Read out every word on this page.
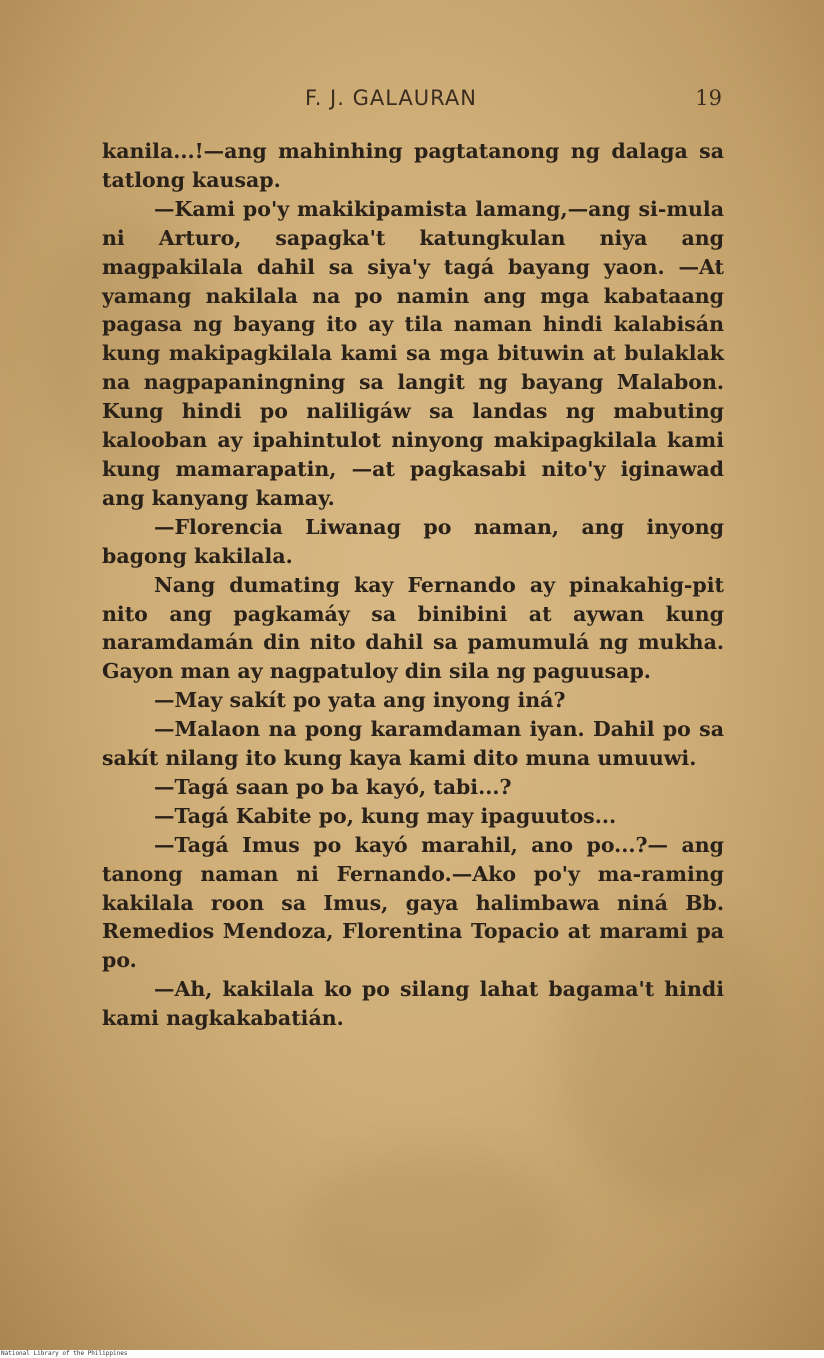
F. J. GALAURAN	19

kanila...!—ang mahinhing pagtatanong ng dalaga sa tatlong kausap.

—Kami po'y makikipamista lamang,—ang si-mula ni Arturo, sapagka't katungkulan niya ang magpakilala dahil sa siya'y tagá bayang yaon. —At yamang nakilala na po namin ang mga kabataang pagasa ng bayang ito ay tila naman hindi kalabisán kung makipagkilala kami sa mga bituwin at bulaklak na nagpapaningning sa langit ng bayang Malabon. Kung hindi po naliligáw sa landas ng mabuting kalooban ay ipahintulot ninyong makipagkilala kami kung mamarapatin, —at pagkasabi nito'y iginawad ang kanyang kamay.

—Florencia Liwanag po naman, ang inyong bagong kakilala.

Nang dumating kay Fernando ay pinakahig-pit nito ang pagkamáy sa binibini at aywan kung naramdamán din nito dahil sa pamumulá ng mukha. Gayon man ay nagpatuloy din sila ng paguusap.

—May sakít po yata ang inyong iná?

—Malaon na pong karamdaman iyan. Dahil po sa sakít nilang ito kung kaya kami dito muna umuuwi.

—Tagá saan po ba kayó, tabi...?

—Tagá Kabite po, kung may ipaguutos...

—Tagá Imus po kayó marahil, ano po...?— ang tanong naman ni Fernando.—Ako po'y ma-raming kakilala roon sa Imus, gaya halimbawa niná Bb. Remedios Mendoza, Florentina Topacio at marami pa po.

—Ah, kakilala ko po silang lahat bagama't hindi kami nagkakabatián.

National Library of the Philippines
